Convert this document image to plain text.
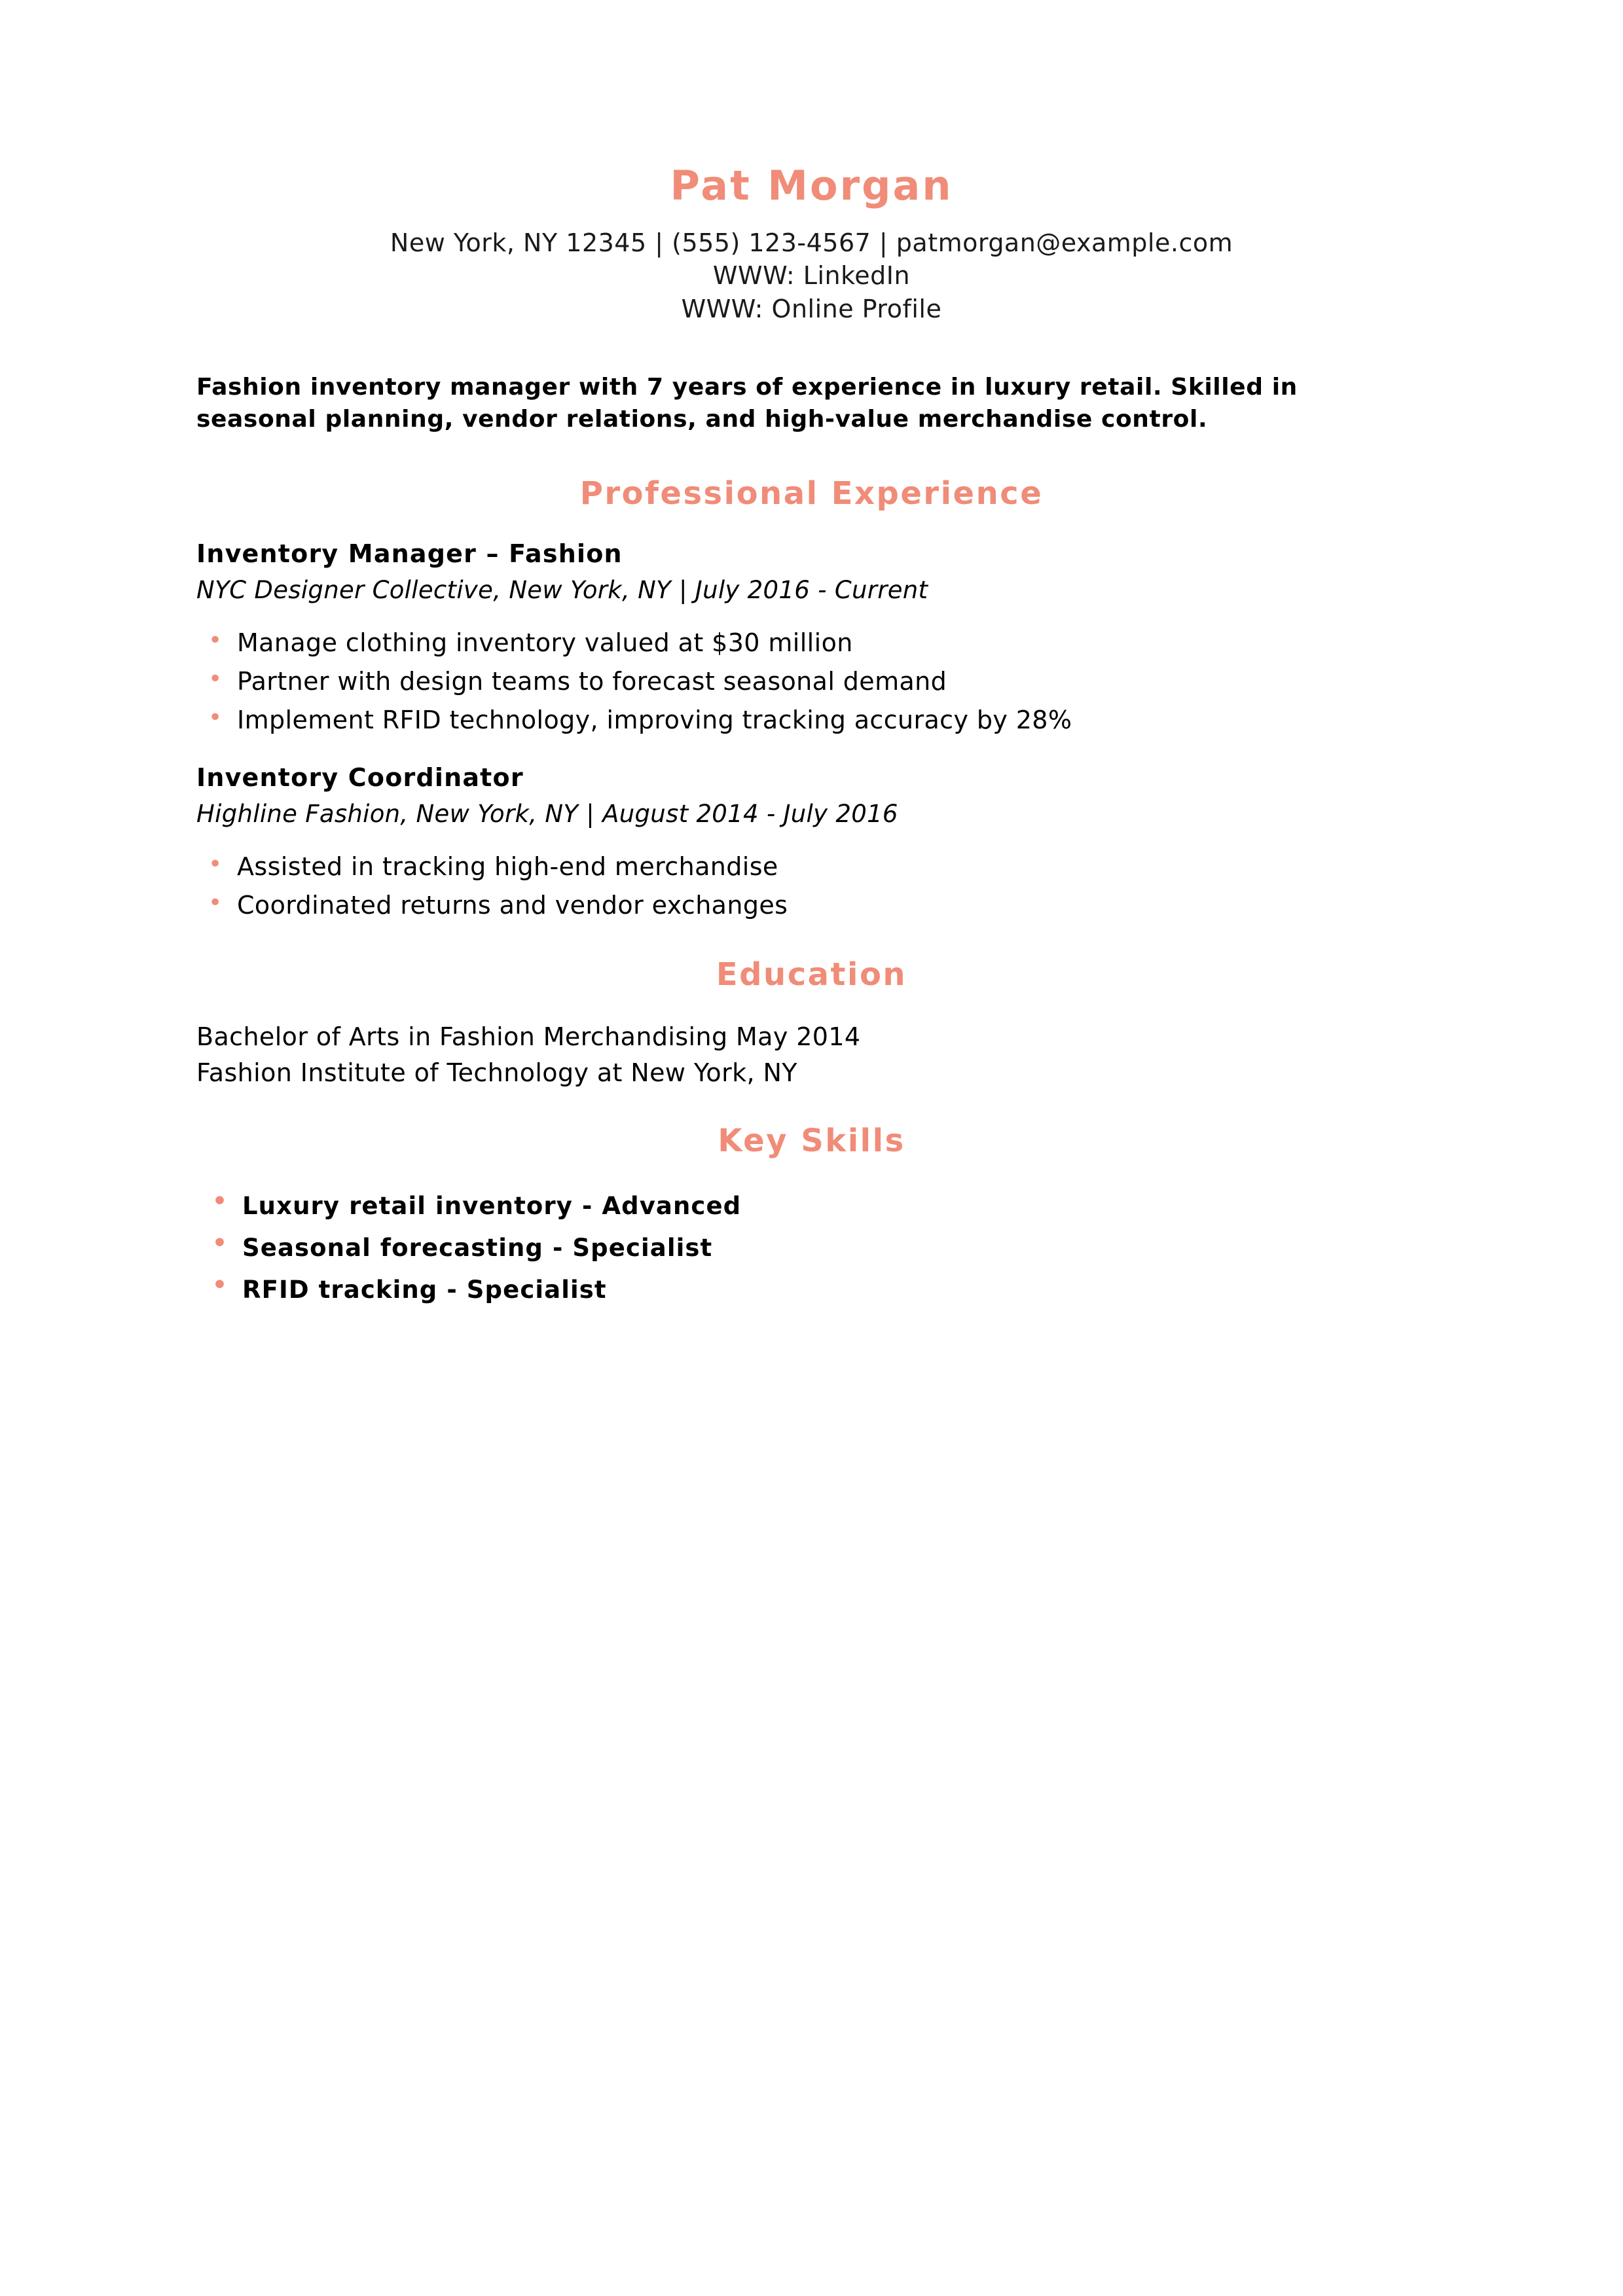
Pat Morgan
New York, NY 12345 | (555) 123-4567 | patmorgan@example.com
WWW: LinkedIn
WWW: Online Profile
Fashion inventory manager with 7 years of experience in luxury retail. Skilled in seasonal planning, vendor relations, and high-value merchandise control.
Professional Experience
Inventory Manager – Fashion
NYC Designer Collective, New York, NY | July 2016 - Current
• Manage clothing inventory valued at $30 million
• Partner with design teams to forecast seasonal demand
• Implement RFID technology, improving tracking accuracy by 28%
Inventory Coordinator
Highline Fashion, New York, NY | August 2014 - July 2016
• Assisted in tracking high-end merchandise
• Coordinated returns and vendor exchanges
Education
Bachelor of Arts in Fashion Merchandising May 2014
Fashion Institute of Technology at New York, NY
Key Skills
• Luxury retail inventory - Advanced
• Seasonal forecasting - Specialist
• RFID tracking - Specialist
